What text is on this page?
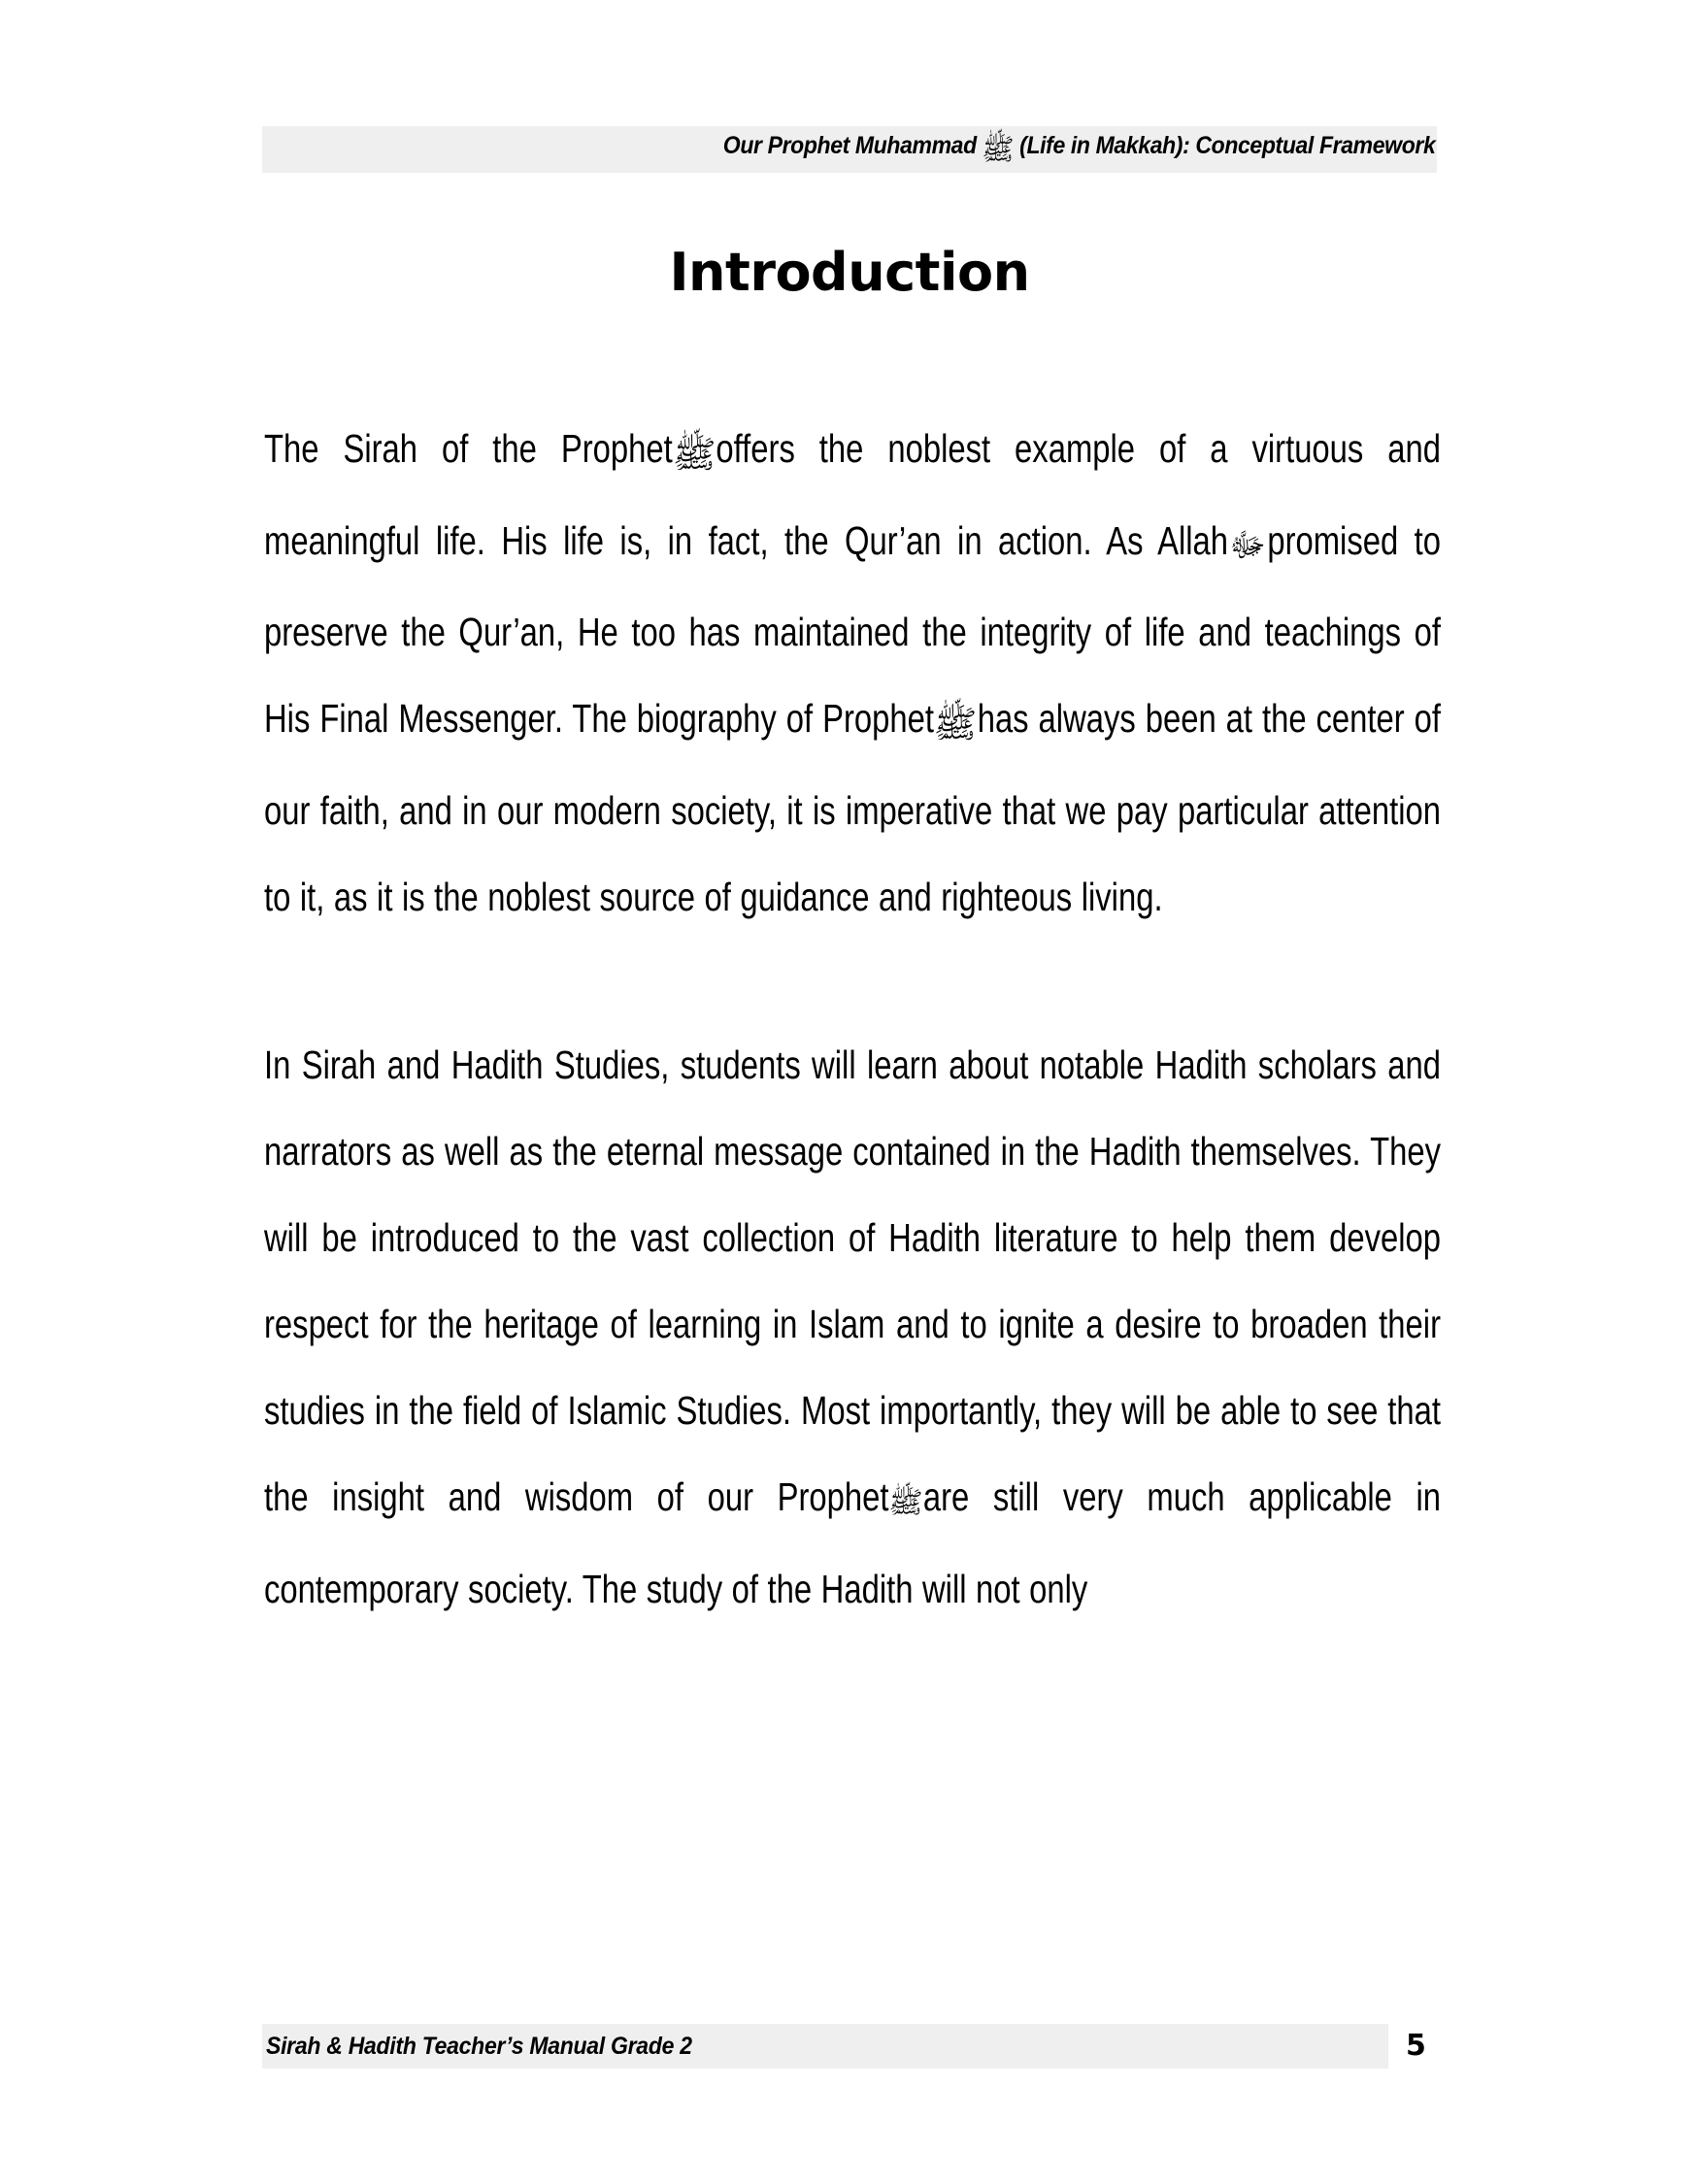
Our Prophet Muhammad ﷺ (Life in Makkah): Conceptual Framework
Introduction

The Sirah of the Prophetﷺoffers the noblest example of a virtuous and meaningful life. His life is, in fact, the Qur’an in action. As Allahﷻpromised to preserve the Qur’an, He too has maintained the integrity of life and teachings of His Final Messenger. The biography of Prophetﷺhas always been at the center of our faith, and in our modern society, it is imperative that we pay particular attention to it, as it is the noblest source of guidance and righteous living.

In Sirah and Hadith Studies, students will learn about notable Hadith scholars and narrators as well as the eternal message contained in the Hadith themselves. They will be introduced to the vast collection of Hadith literature to help them develop respect for the heritage of learning in Islam and to ignite a desire to broaden their studies in the field of Islamic Studies. Most importantly, they will be able to see that the insight and wisdom of our Prophetﷺare still very much applicable in contemporary society. The study of the Hadith will not only

Sirah & Hadith Teacher’s Manual Grade 2	5
